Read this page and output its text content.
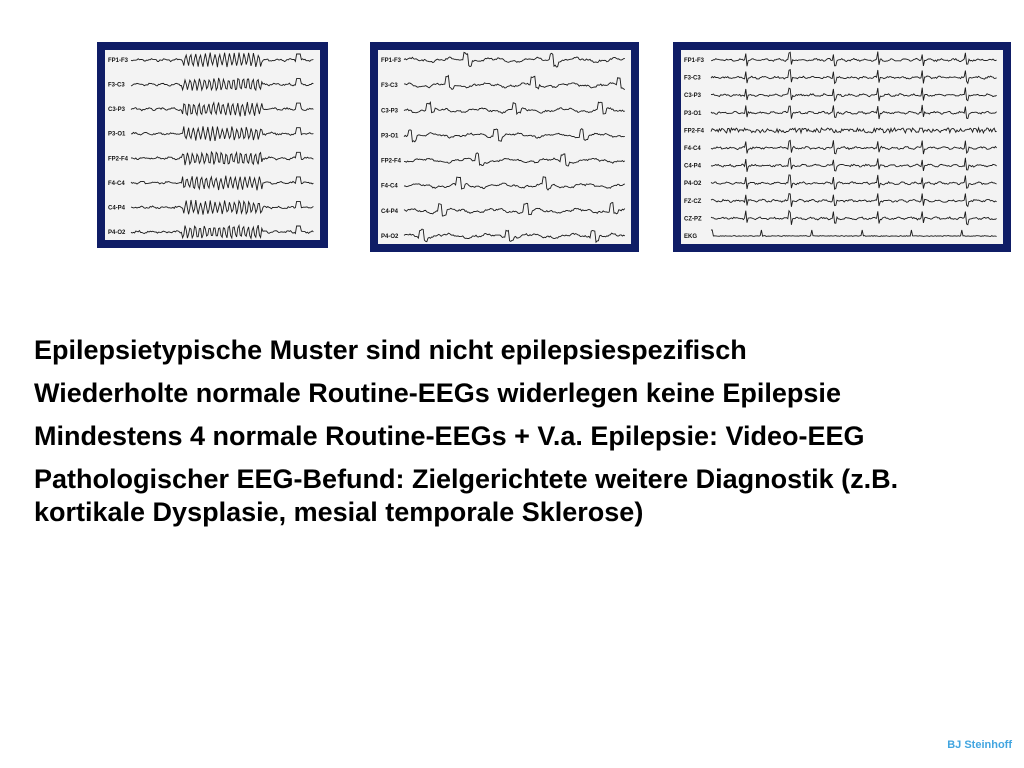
FP1-F3
F3-C3
C3-P3
P3-O1
FP2-F4
F4-C4
C4-P4
P4-O2
FP1-F3
F3-C3
C3-P3
P3-O1
FP2-F4
F4-C4
C4-P4
P4-O2
FP1-F3
F3-C3
C3-P3
P3-O1
FP2-F4
F4-C4
C4-P4
P4-O2
FZ-CZ
CZ-PZ
EKG
Epilepsietypische Muster sind nicht epilepsiespezifisch
Wiederholte normale Routine-EEGs widerlegen keine Epilepsie
Mindestens 4 normale Routine-EEGs + V.a. Epilepsie: Video-EEG
Pathologischer EEG-Befund: Zielgerichtete weitere Diagnostik (z.B. kortikale Dysplasie, mesial temporale Sklerose)
BJ Steinhoff
